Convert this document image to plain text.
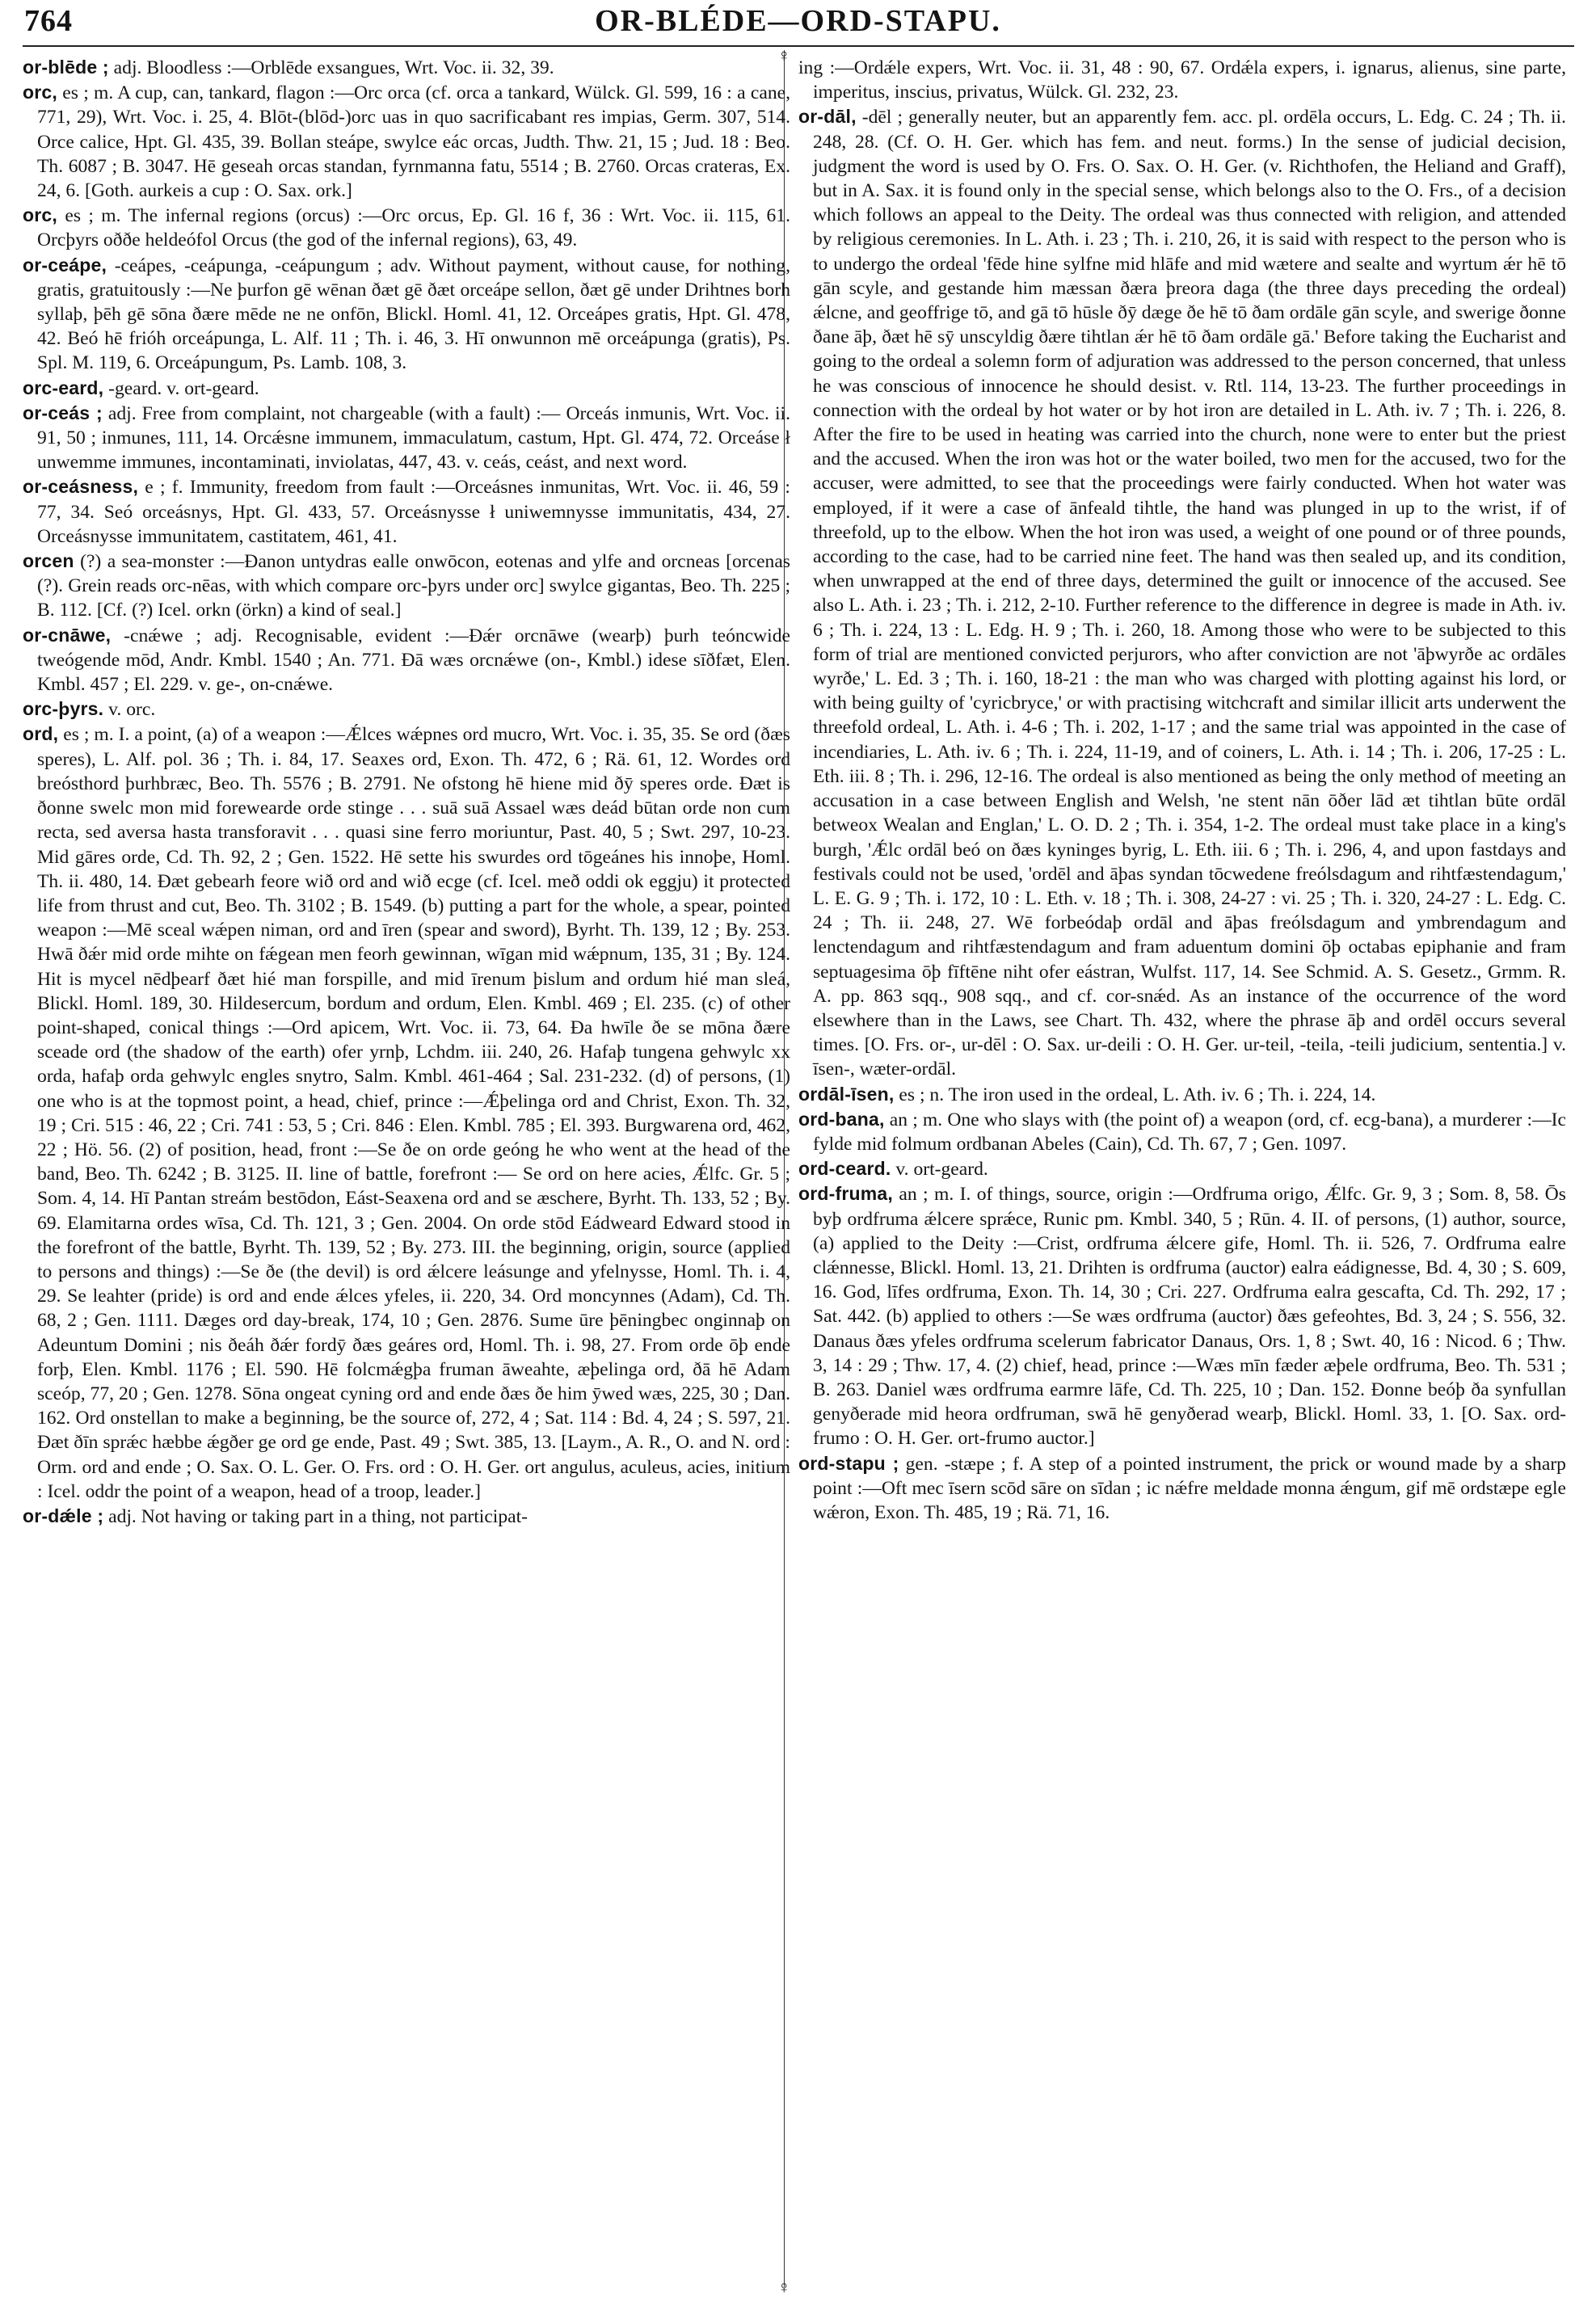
764	OR-BLÉDE—ORD-STAPU.
♀
♀

or-blēde ; adj. Bloodless :—Orblēde exsangues, Wrt. Voc. ii. 32, 39.

orc, es ; m. A cup, can, tankard, flagon :—Orc orca (cf. orca a tankard, Wülck. Gl. 599, 16 : a cane, 771, 29), Wrt. Voc. i. 25, 4. Blōt-(blōd-)orc uas in quo sacrificabant res impias, Germ. 307, 514. Orce calice, Hpt. Gl. 435, 39. Bollan steápe, swylce eác orcas, Judth. Thw. 21, 15 ; Jud. 18 : Beo. Th. 6087 ; B. 3047. Hē geseah orcas standan, fyrnmanna fatu, 5514 ; B. 2760. Orcas crateras, Ex. 24, 6. [Goth. aurkeis a cup : O. Sax. ork.]

orc, es ; m. The infernal regions (orcus) :—Orc orcus, Ep. Gl. 16 f, 36 : Wrt. Voc. ii. 115, 61. Orcþyrs oððe heldeófol Orcus (the god of the infernal regions), 63, 49.

or-ceápe, -ceápes, -ceápunga, -ceápungum ; adv. Without payment, without cause, for nothing, gratis, gratuitously :—Ne þurfon gē wēnan ðæt gē ðæt orceápe sellon, ðæt gē under Drihtnes borh syllaþ, þēh gē sōna ðære mēde ne ne onfōn, Blickl. Homl. 41, 12. Orceápes gratis, Hpt. Gl. 478, 42. Beó hē frióh orceápunga, L. Alf. 11 ; Th. i. 46, 3. Hī onwunnon mē orceápunga (gratis), Ps. Spl. M. 119, 6. Orceápungum, Ps. Lamb. 108, 3.

orc-eard, -geard. v. ort-geard.

or-ceás ; adj. Free from complaint, not chargeable (with a fault) :— Orceás inmunis, Wrt. Voc. ii. 91, 50 ; inmunes, 111, 14. Orcǽsne immunem, immaculatum, castum, Hpt. Gl. 474, 72. Orceáse ł unwemme immunes, incontaminati, inviolatas, 447, 43. v. ceás, ceást, and next word.

or-ceásness, e ; f. Immunity, freedom from fault :—Orceásnes inmunitas, Wrt. Voc. ii. 46, 59 : 77, 34. Seó orceásnys, Hpt. Gl. 433, 57. Orceásnysse ł uniwemnysse immunitatis, 434, 27. Orceásnysse immunitatem, castitatem, 461, 41.

orcen (?) a sea-monster :—Ðanon untydras ealle onwōcon, eotenas and ylfe and orcneas [orcenas (?). Grein reads orc-nēas, with which compare orc-þyrs under orc] swylce gigantas, Beo. Th. 225 ; B. 112. [Cf. (?) Icel. orkn (örkn) a kind of seal.]

or-cnāwe, -cnǽwe ; adj. Recognisable, evident :—Ðǽr orcnāwe (wearþ) þurh teóncwide tweógende mōd, Andr. Kmbl. 1540 ; An. 771. Ðā wæs orcnǽwe (on-, Kmbl.) idese sīðfæt, Elen. Kmbl. 457 ; El. 229. v. ge-, on-cnǽwe.

orc-þyrs. v. orc.

ord, es ; m. I. a point, (a) of a weapon :—Ǽlces wǽpnes ord mucro, Wrt. Voc. i. 35, 35. Se ord (ðæs speres), L. Alf. pol. 36 ; Th. i. 84, 17. Seaxes ord, Exon. Th. 472, 6 ; Rä. 61, 12. Wordes ord breósthord þurhbræc, Beo. Th. 5576 ; B. 2791. Ne ofstong hē hiene mid ðȳ speres orde. Ðæt is ðonne swelc mon mid forewearde orde stinge . . . suā suā Assael wæs deád būtan orde non cum recta, sed aversa hasta transforavit . . . quasi sine ferro moriuntur, Past. 40, 5 ; Swt. 297, 10-23. Mid gāres orde, Cd. Th. 92, 2 ; Gen. 1522. Hē sette his swurdes ord tōgeánes his innoþe, Homl. Th. ii. 480, 14. Ðæt gebearh feore wið ord and wið ecge (cf. Icel. með oddi ok eggju) it protected life from thrust and cut, Beo. Th. 3102 ; B. 1549. (b) putting a part for the whole, a spear, pointed weapon :—Mē sceal wǽpen niman, ord and īren (spear and sword), Byrht. Th. 139, 12 ; By. 253. Hwā ðǽr mid orde mihte on fǽgean men feorh gewinnan, wīgan mid wǽpnum, 135, 31 ; By. 124. Hit is mycel nēdþearf ðæt hié man forspille, and mid īrenum þislum and ordum hié man sleá, Blickl. Homl. 189, 30. Hildesercum, bordum and ordum, Elen. Kmbl. 469 ; El. 235. (c) of other point-shaped, conical things :—Ord apicem, Wrt. Voc. ii. 73, 64. Ða hwīle ðe se mōna ðære sceade ord (the shadow of the earth) ofer yrnþ, Lchdm. iii. 240, 26. Hafaþ tungena gehwylc xx orda, hafaþ orda gehwylc engles snytro, Salm. Kmbl. 461-464 ; Sal. 231-232. (d) of persons, (1) one who is at the topmost point, a head, chief, prince :—Ǽþelinga ord and Christ, Exon. Th. 32, 19 ; Cri. 515 : 46, 22 ; Cri. 741 : 53, 5 ; Cri. 846 : Elen. Kmbl. 785 ; El. 393. Burgwarena ord, 462, 22 ; Hö. 56. (2) of position, head, front :—Se ðe on orde geóng he who went at the head of the band, Beo. Th. 6242 ; B. 3125. II. line of battle, forefront :— Se ord on here acies, Ǽlfc. Gr. 5 ; Som. 4, 14. Hī Pantan streám bestōdon, Eást-Seaxena ord and se æschere, Byrht. Th. 133, 52 ; By. 69. Elamitarna ordes wīsa, Cd. Th. 121, 3 ; Gen. 2004. On orde stōd Eádweard Edward stood in the forefront of the battle, Byrht. Th. 139, 52 ; By. 273. III. the beginning, origin, source (applied to persons and things) :—Se ðe (the devil) is ord ǽlcere leásunge and yfelnysse, Homl. Th. i. 4, 29. Se leahter (pride) is ord and ende ǽlces yfeles, ii. 220, 34. Ord moncynnes (Adam), Cd. Th. 68, 2 ; Gen. 1111. Dæges ord day-break, 174, 10 ; Gen. 2876. Sume ūre þēningbec onginnaþ on Adeuntum Domini ; nis ðeáh ðǽr fordȳ ðæs geáres ord, Homl. Th. i. 98, 27. From orde ōþ ende forþ, Elen. Kmbl. 1176 ; El. 590. Hē folcmǽgþa fruman āweahte, æþelinga ord, ðā hē Adam sceóp, 77, 20 ; Gen. 1278. Sōna ongeat cyning ord and ende ðæs ðe him ȳwed wæs, 225, 30 ; Dan. 162. Ord onstellan to make a beginning, be the source of, 272, 4 ; Sat. 114 : Bd. 4, 24 ; S. 597, 21. Ðæt ðīn sprǽc hæbbe ǽgðer ge ord ge ende, Past. 49 ; Swt. 385, 13. [Laym., A. R., O. and N. ord : Orm. ord and ende ; O. Sax. O. L. Ger. O. Frs. ord : O. H. Ger. ort angulus, aculeus, acies, initium : Icel. oddr the point of a weapon, head of a troop, leader.]

or-dǽle ; adj. Not having or taking part in a thing, not participat-

ing :—Ordǽle expers, Wrt. Voc. ii. 31, 48 : 90, 67. Ordǽla expers, i. ignarus, alienus, sine parte, imperitus, inscius, privatus, Wülck. Gl. 232, 23.

or-dāl, -dēl ; generally neuter, but an apparently fem. acc. pl. ordēla occurs, L. Edg. C. 24 ; Th. ii. 248, 28. (Cf. O. H. Ger. which has fem. and neut. forms.) In the sense of judicial decision, judgment the word is used by O. Frs. O. Sax. O. H. Ger. (v. Richthofen, the Heliand and Graff), but in A. Sax. it is found only in the special sense, which belongs also to the O. Frs., of a decision which follows an appeal to the Deity. The ordeal was thus connected with religion, and attended by religious ceremonies. In L. Ath. i. 23 ; Th. i. 210, 26, it is said with respect to the person who is to undergo the ordeal 'fēde hine sylfne mid hlāfe and mid wætere and sealte and wyrtum ǽr hē tō gān scyle, and gestande him mæssan ðæra þreora daga (the three days preceding the ordeal) ǽlcne, and geoffrige tō, and gā tō hūsle ðȳ dæge ðe hē tō ðam ordāle gān scyle, and swerige ðonne ðane āþ, ðæt hē sȳ unscyldig ðære tihtlan ǽr hē tō ðam ordāle gā.' Before taking the Eucharist and going to the ordeal a solemn form of adjuration was addressed to the person concerned, that unless he was conscious of innocence he should desist. v. Rtl. 114, 13-23. The further proceedings in connection with the ordeal by hot water or by hot iron are detailed in L. Ath. iv. 7 ; Th. i. 226, 8. After the fire to be used in heating was carried into the church, none were to enter but the priest and the accused. When the iron was hot or the water boiled, two men for the accused, two for the accuser, were admitted, to see that the proceedings were fairly conducted. When hot water was employed, if it were a case of ānfeald tihtle, the hand was plunged in up to the wrist, if of threefold, up to the elbow. When the hot iron was used, a weight of one pound or of three pounds, according to the case, had to be carried nine feet. The hand was then sealed up, and its condition, when unwrapped at the end of three days, determined the guilt or innocence of the accused. See also L. Ath. i. 23 ; Th. i. 212, 2-10. Further reference to the difference in degree is made in Ath. iv. 6 ; Th. i. 224, 13 : L. Edg. H. 9 ; Th. i. 260, 18. Among those who were to be subjected to this form of trial are mentioned convicted perjurors, who after conviction are not 'āþwyrðe ac ordāles wyrðe,' L. Ed. 3 ; Th. i. 160, 18-21 : the man who was charged with plotting against his lord, or with being guilty of 'cyricbryce,' or with practising witchcraft and similar illicit arts underwent the threefold ordeal, L. Ath. i. 4-6 ; Th. i. 202, 1-17 ; and the same trial was appointed in the case of incendiaries, L. Ath. iv. 6 ; Th. i. 224, 11-19, and of coiners, L. Ath. i. 14 ; Th. i. 206, 17-25 : L. Eth. iii. 8 ; Th. i. 296, 12-16. The ordeal is also mentioned as being the only method of meeting an accusation in a case between English and Welsh, 'ne stent nān ōðer lād æt tihtlan būte ordāl betweox Wealan and Englan,' L. O. D. 2 ; Th. i. 354, 1-2. The ordeal must take place in a king's burgh, 'Ǽlc ordāl beó on ðæs kyninges byrig, L. Eth. iii. 6 ; Th. i. 296, 4, and upon fastdays and festivals could not be used, 'ordēl and āþas syndan tōcwedene freólsdagum and rihtfæstendagum,' L. E. G. 9 ; Th. i. 172, 10 : L. Eth. v. 18 ; Th. i. 308, 24-27 : vi. 25 ; Th. i. 320, 24-27 : L. Edg. C. 24 ; Th. ii. 248, 27. Wē forbeódaþ ordāl and āþas freólsdagum and ymbrendagum and lenctendagum and rihtfæstendagum and fram aduentum domini ōþ octabas epiphanie and fram septuagesima ōþ fīftēne niht ofer eástran, Wulfst. 117, 14. See Schmid. A. S. Gesetz., Grmm. R. A. pp. 863 sqq., 908 sqq., and cf. cor-snǽd. As an instance of the occurrence of the word elsewhere than in the Laws, see Chart. Th. 432, where the phrase āþ and ordēl occurs several times. [O. Frs. or-, ur-dēl : O. Sax. ur-deili : O. H. Ger. ur-teil, -teila, -teili judicium, sententia.] v. īsen-, wæter-ordāl.

ordāl-īsen, es ; n. The iron used in the ordeal, L. Ath. iv. 6 ; Th. i. 224, 14.

ord-bana, an ; m. One who slays with (the point of) a weapon (ord, cf. ecg-bana), a murderer :—Ic fylde mid folmum ordbanan Abeles (Cain), Cd. Th. 67, 7 ; Gen. 1097.

ord-ceard. v. ort-geard.

ord-fruma, an ; m. I. of things, source, origin :—Ordfruma origo, Ǽlfc. Gr. 9, 3 ; Som. 8, 58. Ōs byþ ordfruma ǽlcere sprǽce, Runic pm. Kmbl. 340, 5 ; Rūn. 4. II. of persons, (1) author, source, (a) applied to the Deity :—Crist, ordfruma ǽlcere gife, Homl. Th. ii. 526, 7. Ordfruma ealre clǽnnesse, Blickl. Homl. 13, 21. Drihten is ordfruma (auctor) ealra eádignesse, Bd. 4, 30 ; S. 609, 16. God, līfes ordfruma, Exon. Th. 14, 30 ; Cri. 227. Ordfruma ealra gescafta, Cd. Th. 292, 17 ; Sat. 442. (b) applied to others :—Se wæs ordfruma (auctor) ðæs gefeohtes, Bd. 3, 24 ; S. 556, 32. Danaus ðæs yfeles ordfruma scelerum fabricator Danaus, Ors. 1, 8 ; Swt. 40, 16 : Nicod. 6 ; Thw. 3, 14 : 29 ; Thw. 17, 4. (2) chief, head, prince :—Wæs mīn fæder æþele ordfruma, Beo. Th. 531 ; B. 263. Daniel wæs ordfruma earmre lāfe, Cd. Th. 225, 10 ; Dan. 152. Ðonne beóþ ða synfullan genyðerade mid heora ordfruman, swā hē genyðerad wearþ, Blickl. Homl. 33, 1. [O. Sax. ord-frumo : O. H. Ger. ort-frumo auctor.]

ord-stapu ; gen. -stæpe ; f. A step of a pointed instrument, the prick or wound made by a sharp point :—Oft mec īsern scōd sāre on sīdan ; ic nǽfre meldade monna ǽngum, gif mē ordstæpe egle wǽron, Exon. Th. 485, 19 ; Rä. 71, 16.
